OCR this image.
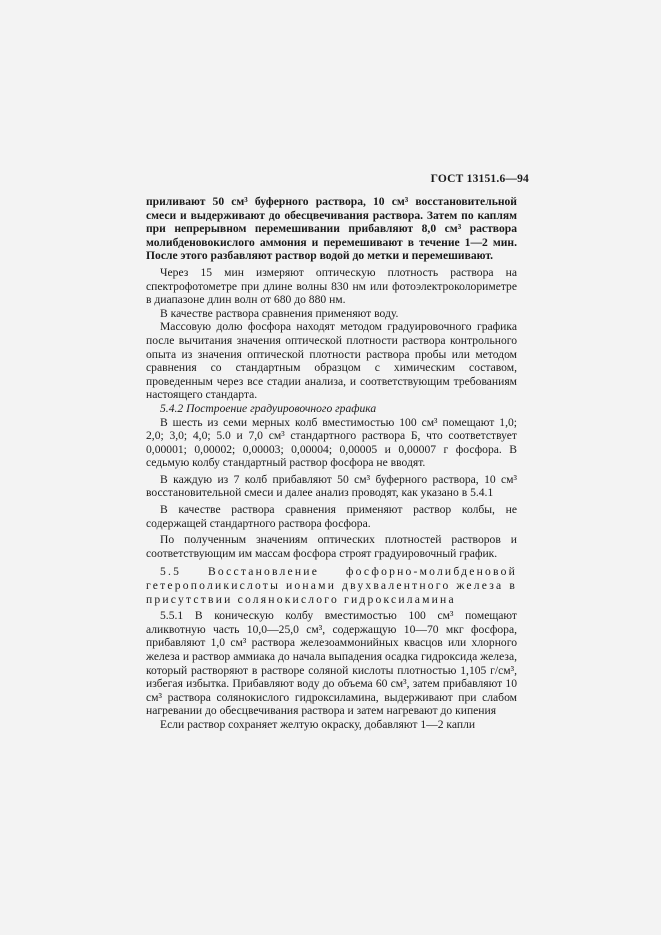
ГОСТ 13151.6—94

приливают 50 см³ буферного раствора, 10 см³ восстановительной смеси и выдерживают до обесцвечивания раствора. Затем по каплям при непрерывном перемешивании прибавляют 8,0 см³ раствора молибденовокислого аммония и перемешивают в течение 1—2 мин. После этого разбавляют раствор водой до метки и перемешивают.

Через 15 мин измеряют оптическую плотность раствора на спектрофотометре при длине волны 830 нм или фотоэлектроколориметре в диапазоне длин волн от 680 до 880 нм.

В качестве раствора сравнения применяют воду.

Массовую долю фосфора находят методом градуировочного графика после вычитания значения оптической плотности раствора контрольного опыта из значения оптической плотности раствора пробы или методом сравнения со стандартным образцом с химическим составом, проведенным через все стадии анализа, и соответствующим требованиям настоящего стандарта.

5.4.2 Построение градуировочного графика

В шесть из семи мерных колб вместимостью 100 см³ помещают 1,0; 2,0; 3,0; 4,0; 5.0 и 7,0 см³ стандартного раствора Б, что соответствует 0,00001; 0,00002; 0,00003; 0,00004; 0,00005 и 0,00007 г фосфора. В седьмую колбу стандартный раствор фосфора не вводят.

В каждую из 7 колб прибавляют 50 см³ буферного раствора, 10 см³ восстановительной смеси и далее анализ проводят, как указано в 5.4.1

В качестве раствора сравнения применяют раствор колбы, не содержащей стандартного раствора фосфора.

По полученным значениям оптических плотностей растворов и соответствующим им массам фосфора строят градуировочный график.

5.5 Восстановление фосфорно-молибденовой гетерополикислоты ионами двухвалентного железа в присутствии солянокислого гидроксиламина

5.5.1 В коническую колбу вместимостью 100 см³ помещают аликвотную часть 10,0—25,0 см³, содержащую 10—70 мкг фосфора, прибавляют 1,0 см³ раствора железоаммонийных квасцов или хлорного железа и раствор аммиака до начала выпадения осадка гидроксида железа, который растворяют в растворе соляной кислоты плотностью 1,105 г/см³, избегая избытка. Прибавляют воду до объема 60 см³, затем прибавляют 10 см³ раствора солянокислого гидроксиламина, выдерживают при слабом нагревании до обесцвечивания раствора и затем нагревают до кипения

Если раствор сохраняет желтую окраску, добавляют 1—2 капли
